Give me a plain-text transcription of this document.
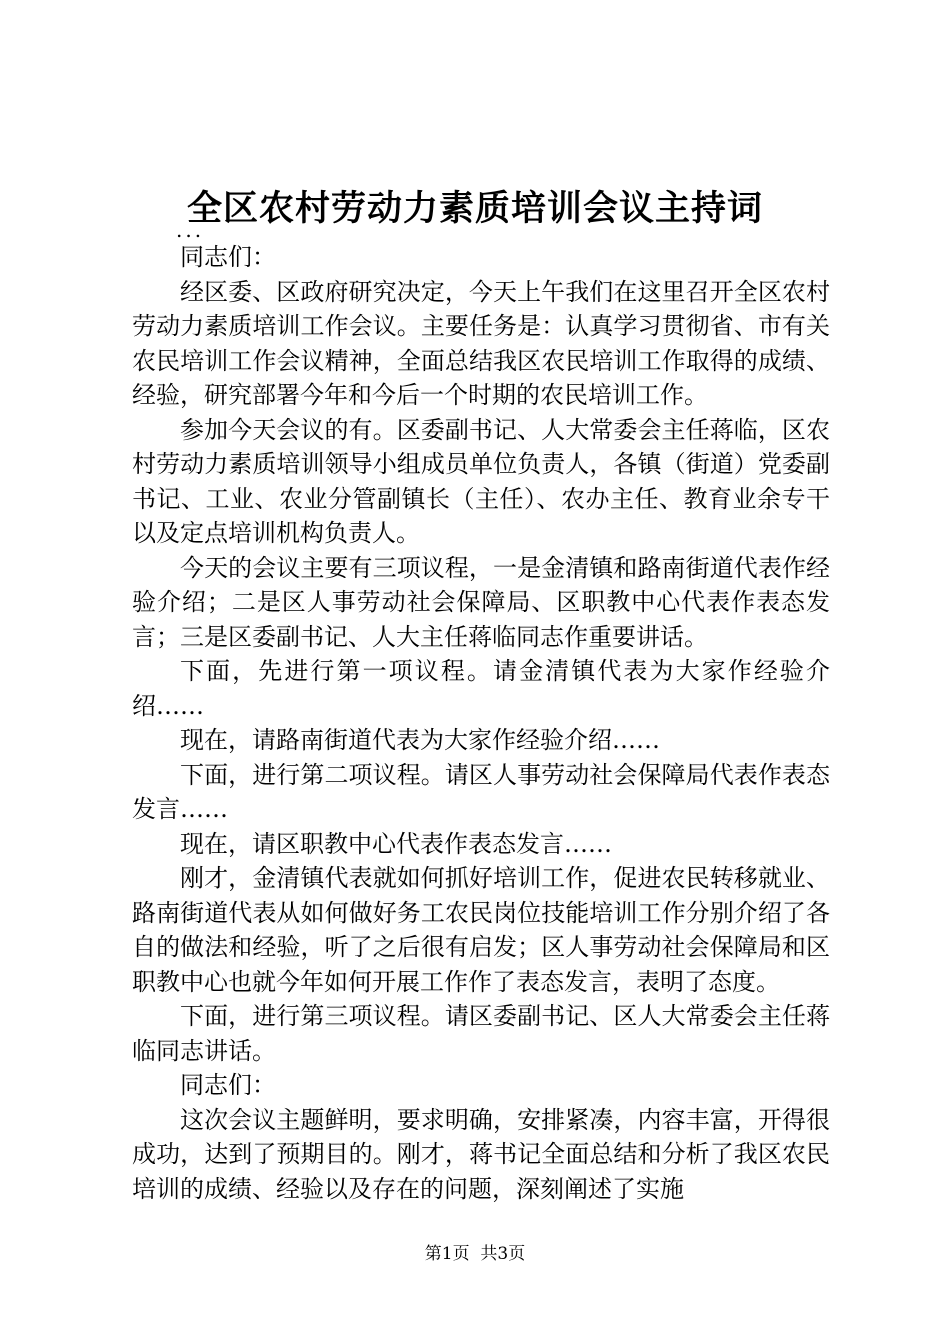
全区农村劳动力素质培训会议主持词
...

同志们：

经区委、区政府研究决定，今天上午我们在这里召开全区农村劳动力素质培训工作会议。主要任务是：认真学习贯彻省、市有关农民培训工作会议精神，全面总结我区农民培训工作取得的成绩、经验，研究部署今年和今后一个时期的农民培训工作。

参加今天会议的有。区委副书记、人大常委会主任蒋临，区农村劳动力素质培训领导小组成员单位负责人，各镇（街道）党委副书记、工业、农业分管副镇长（主任）、农办主任、教育业余专干以及定点培训机构负责人。

今天的会议主要有三项议程，一是金清镇和路南街道代表作经验介绍；二是区人事劳动社会保障局、区职教中心代表作表态发言；三是区委副书记、人大主任蒋临同志作重要讲话。

下面，先进行第一项议程。请金清镇代表为大家作经验介绍……

现在，请路南街道代表为大家作经验介绍……

下面，进行第二项议程。请区人事劳动社会保障局代表作表态发言……

现在，请区职教中心代表作表态发言……

刚才，金清镇代表就如何抓好培训工作，促进农民转移就业、路南街道代表从如何做好务工农民岗位技能培训工作分别介绍了各自的做法和经验，听了之后很有启发；区人事劳动社会保障局和区职教中心也就今年如何开展工作作了表态发言，表明了态度。

下面，进行第三项议程。请区委副书记、区人大常委会主任蒋临同志讲话。

同志们：

这次会议主题鲜明，要求明确，安排紧凑，内容丰富，开得很成功，达到了预期目的。刚才，蒋书记全面总结和分析了我区农民培训的成绩、经验以及存在的问题，深刻阐述了实施

第1页 共3页
